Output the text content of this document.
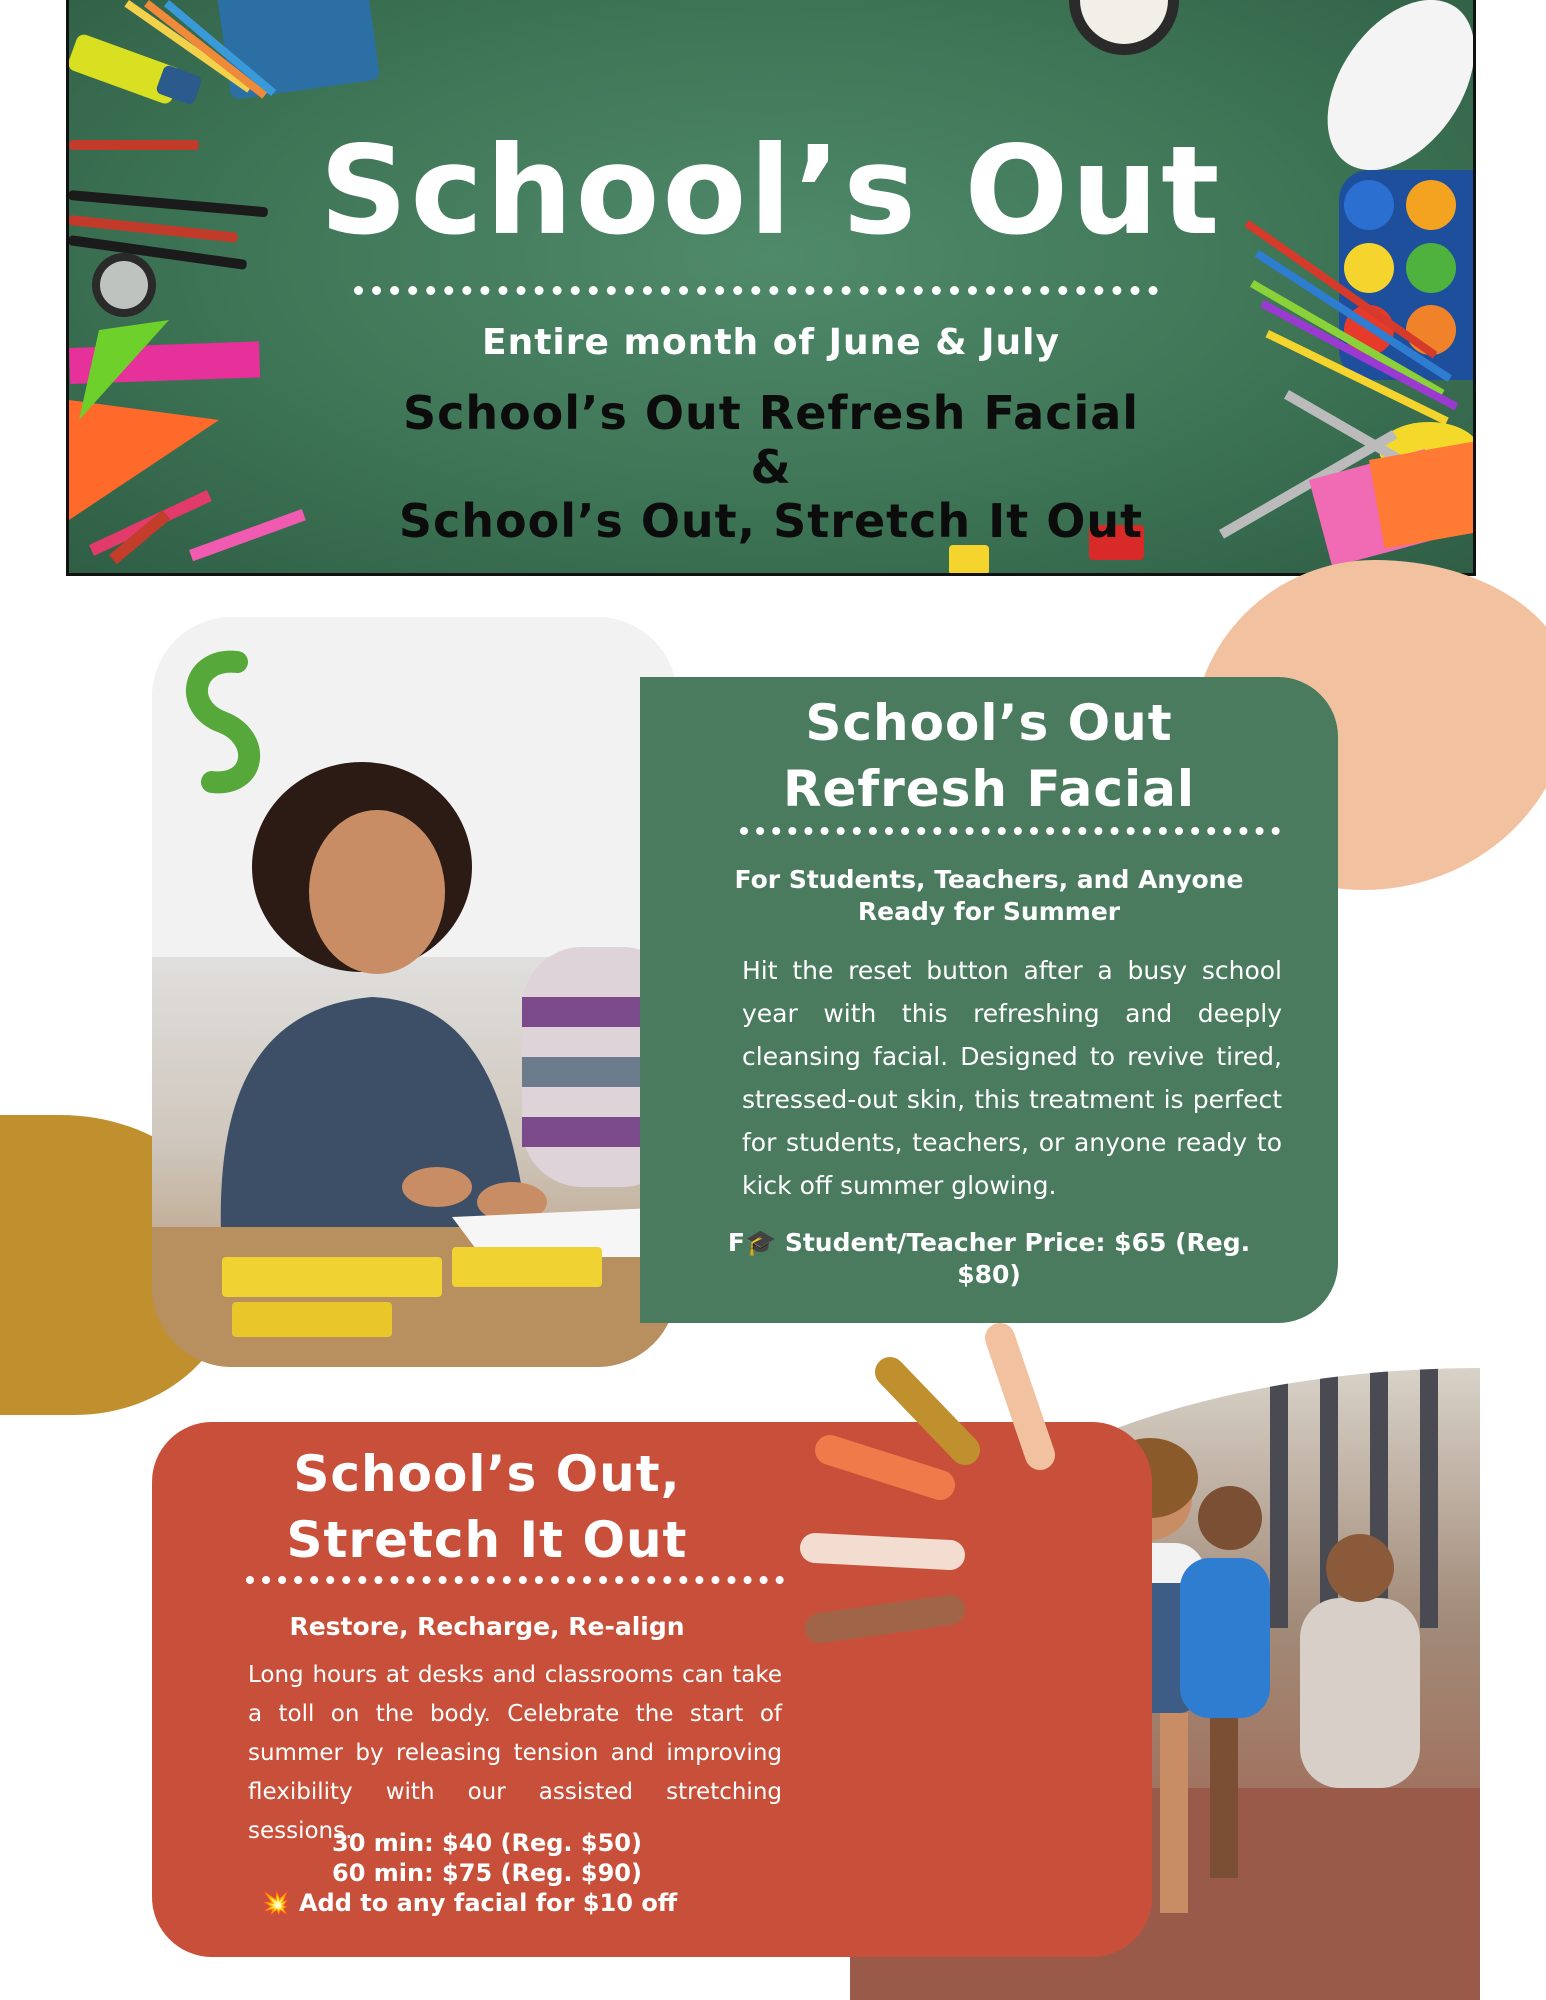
School’s Out
Entire month of June & July
School’s Out Refresh Facial
&
School’s Out, Stretch It Out
School’s Out
Refresh Facial
For Students, Teachers, and Anyone
Ready for Summer
Hit the reset button after a busy school year with this refreshing and deeply cleansing facial. Designed to revive tired, stressed-out skin, this treatment is perfect for students, teachers, or anyone ready to kick off summer glowing.
F🎓 Student/Teacher Price: $65 (Reg.
$80)
School’s Out,
Stretch It Out
Restore, Recharge, Re-align
Long hours at desks and classrooms can take a toll on the body. Celebrate the start of summer by releasing tension and improving flexibility with our assisted stretching sessions.
30 min: $40 (Reg. $50)
60 min: $75 (Reg. $90)
💥 Add to any facial for $10 off
